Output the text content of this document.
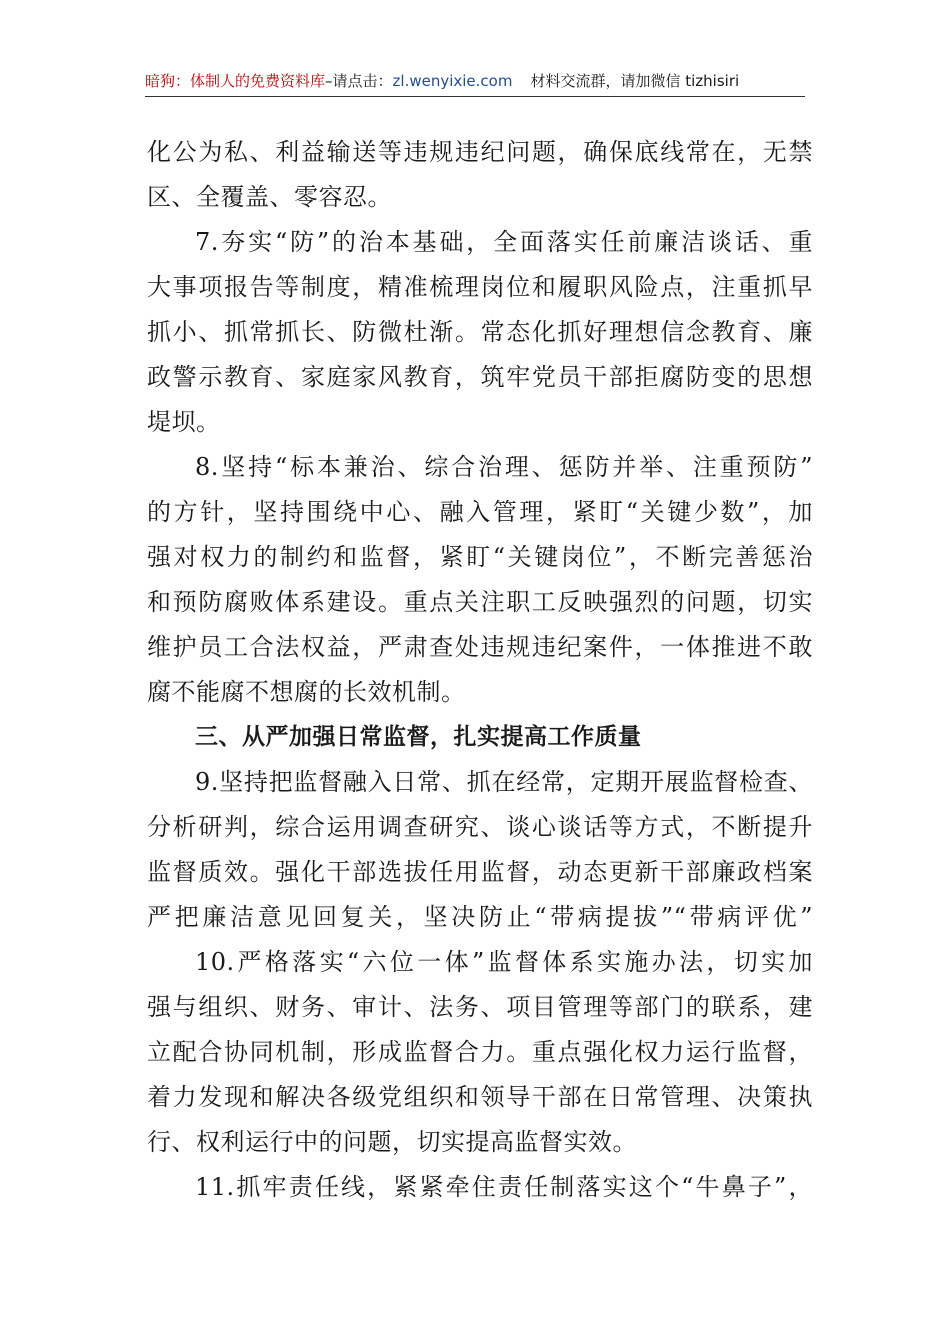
暗狗：体制人的免费资料库–请点击：zl.wenyixie.com 材料交流群，请加微信 tizhisiri
化公为私、利益输送等违规违纪问题，确保底线常在，无禁
区、全覆盖、零容忍。
7.夯实“防”的治本基础，全面落实任前廉洁谈话、重
大事项报告等制度，精准梳理岗位和履职风险点，注重抓早
抓小、抓常抓长、防微杜渐。常态化抓好理想信念教育、廉
政警示教育、家庭家风教育，筑牢党员干部拒腐防变的思想
堤坝。
8.坚持“标本兼治、综合治理、惩防并举、注重预防”
的方针，坚持围绕中心、融入管理，紧盯“关键少数”，加
强对权力的制约和监督，紧盯“关键岗位”，不断完善惩治
和预防腐败体系建设。重点关注职工反映强烈的问题，切实
维护员工合法权益，严肃查处违规违纪案件，一体推进不敢
腐不能腐不想腐的长效机制。
三、从严加强日常监督，扎实提高工作质量
9.坚持把监督融入日常、抓在经常，定期开展监督检查、
分析研判，综合运用调查研究、谈心谈话等方式，不断提升
监督质效。强化干部选拔任用监督，动态更新干部廉政档案
严把廉洁意见回复关，坚决防止“带病提拔”“带病评优”
10.严格落实“六位一体”监督体系实施办法，切实加
强与组织、财务、审计、法务、项目管理等部门的联系，建
立配合协同机制，形成监督合力。重点强化权力运行监督，
着力发现和解决各级党组织和领导干部在日常管理、决策执
行、权利运行中的问题，切实提高监督实效。
11.抓牢责任线，紧紧牵住责任制落实这个“牛鼻子”，
